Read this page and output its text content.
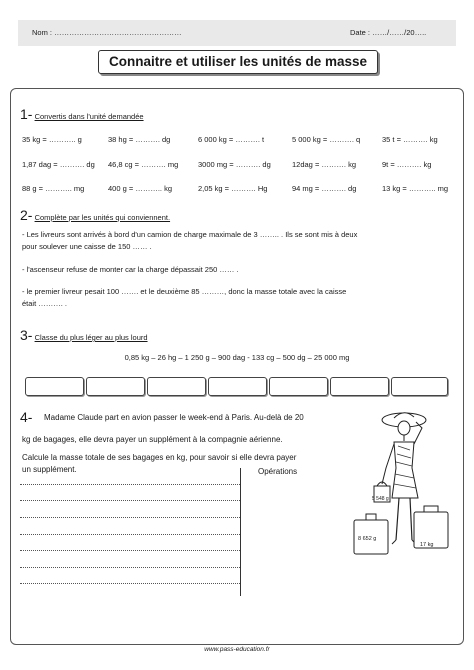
Nom : ……………………………………………	Date : ……/……/20…..
Connaitre et utiliser les unités de masse
1- Convertis dans l'unité demandée
35 kg = ……….. g	38 hg = ………. dg	6 000 kg = ………. t	5 000 kg = ………. q	35 t = ………. kg
1,87 dag = ………. dg 46,8 cg = ………. mg	3000 mg = ………. dg	12dag = ………. kg	9t = ………. kg
88 g = ……….. mg	400 g = ……….. kg	2,05 kg = ………. Hg	94 mg = ………. dg	13 kg = ……….. mg
2- Complète par les unités qui conviennent.
- Les livreurs sont arrivés à bord d'un camion de charge maximale de 3 …….. . Ils se sont mis à deux
pour soulever une caisse de 150 …… .
- l'ascenseur refuse de monter car la charge dépassait 250 …… .
- le premier livreur pesait 100 ……. et le deuxième 85 ………, donc la masse totale avec la caisse
était ………. .
3- Classe du plus léger au plus lourd
0,85 kg – 26 hg – 1 250 g – 900 dag - 133 cg – 500 dg – 25 000 mg
4- Madame Claude part en avion passer le week-end à Paris. Au-delà de 20
kg de bagages, elle devra payer un supplément à la compagnie aérienne.
Calcule la masse totale de ses bagages en kg, pour savoir si elle devra payer
un supplément.	Opérations
5 548 g
8 652 g
17 kg
www.pass-education.fr
